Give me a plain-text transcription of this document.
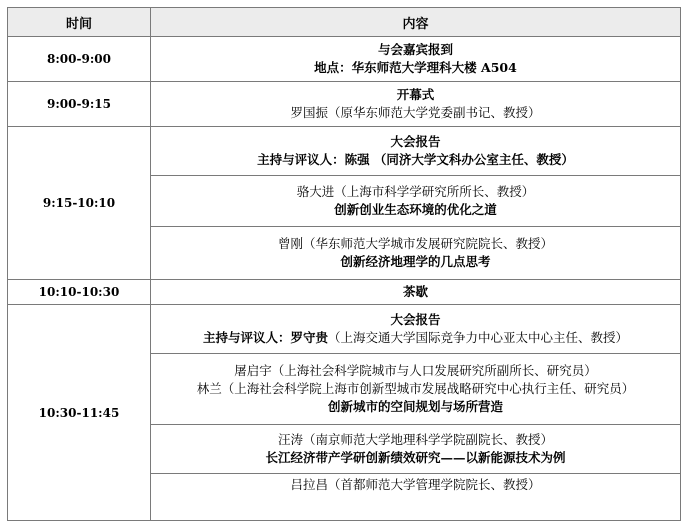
时间	内容
8:00-9:00	与会嘉宾报到
地点：华东师范大学理科大楼 A504

9:00-9:15	开幕式
罗国振（原华东师范大学党委副书记、教授）

9:15-10:10	大会报告
主持与评议人：陈强 （同济大学文科办公室主任、教授）

	骆大进（上海市科学学研究所所长、教授）
创新创业生态环境的优化之道

	曾刚（华东师范大学城市发展研究院院长、教授）
创新经济地理学的几点思考

10:10-10:30	茶歇
10:30-11:45	大会报告
主持与评议人：罗守贵（上海交通大学国际竞争力中心亚太中心主任、教授）

	屠启宇（上海社会科学院城市与人口发展研究所副所长、研究员）
林兰（上海社会科学院上海市创新型城市发展战略研究中心执行主任、研究员）
创新城市的空间规划与场所营造

	汪涛（南京师范大学地理科学学院副院长、教授）
长江经济带产学研创新绩效研究——以新能源技术为例

	吕拉昌（首都师范大学管理学院院长、教授）
